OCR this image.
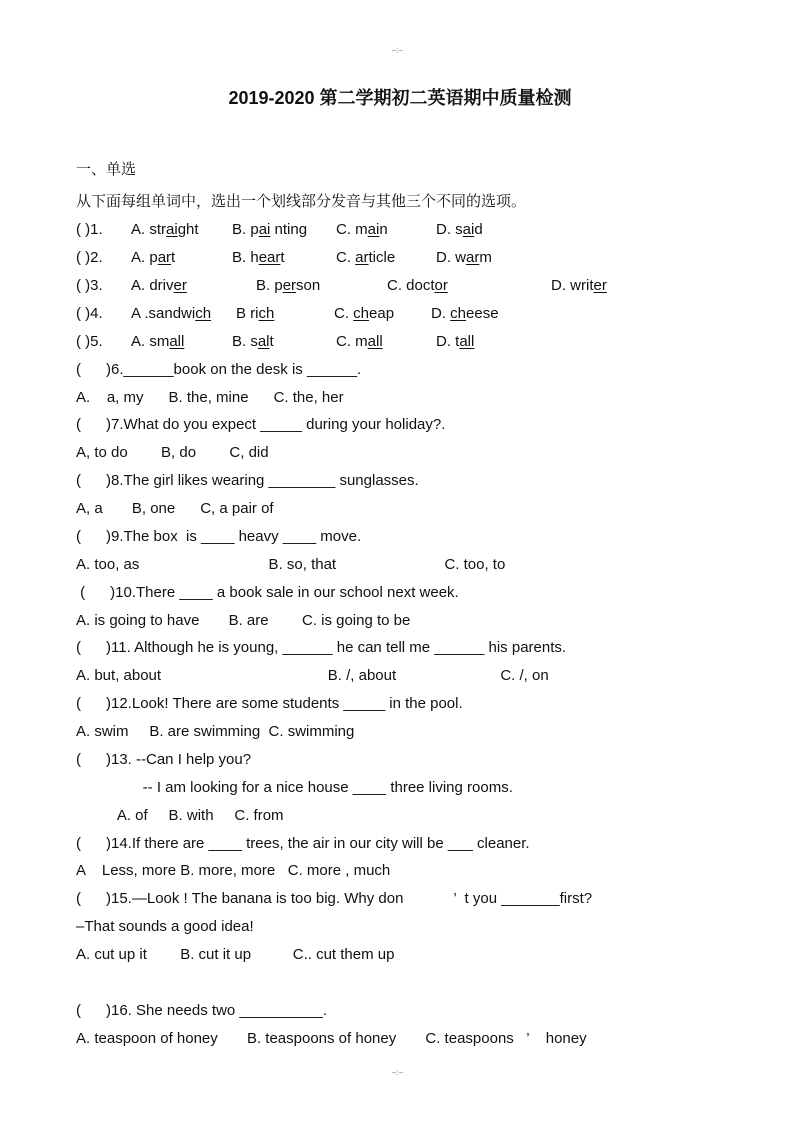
–:–
2019-2020 第二学期初二英语期中质量检测
一、单选
从下面每组单词中，选出一个划线部分发音与其他三个不同的选项。
( )1. A. straight B. pai nting C. main	D. said
( )2. A. part	B. heart	C. article	D. warm
( )3. A. driver	B. person	C. doctor	D. writer
( )4. A .sandwich B rich	C. cheap D. cheese
( )5. A. small	B. salt	C. mall	D. tall
(      )6.______book on the desk is ______.
A.    a, my      B. the, mine      C. the, her
(      )7.What do you expect _____ during your holiday?.
A, to do        B, do        C, did
(      )8.The girl likes wearing ________ sunglasses.
A, a       B, one      C, a pair of
(      )9.The box  is ____ heavy ____ move.
A. too, as                               B. so, that                          C. too, to
(      )10.There ____ a book sale in our school next week.
A. is going to have       B. are        C. is going to be
(      )11. Although he is young, ______ he can tell me ______ his parents.
A. but, about                                        B. /, about                         C. /, on
(      )12.Look! There are some students _____ in the pool.
A. swim     B. are swimming  C. swimming
(      )13. --Can I help you?
-- I am looking for a nice house ____ three living rooms.
A. of     B. with     C. from
(      )14.If there are ____ trees, the air in our city will be ___ cleaner.
A    Less, more B. more, more   C. more , much
(      )15.—Look ! The banana is too big. Why don            ’  t you _______first?
–That sounds a good idea!
A. cut up it        B. cut it up          C.. cut them up
(      )16. She needs two __________.
A. teaspoon of honey       B. teaspoons of honey       C. teaspoons   ’    honey
–:–
